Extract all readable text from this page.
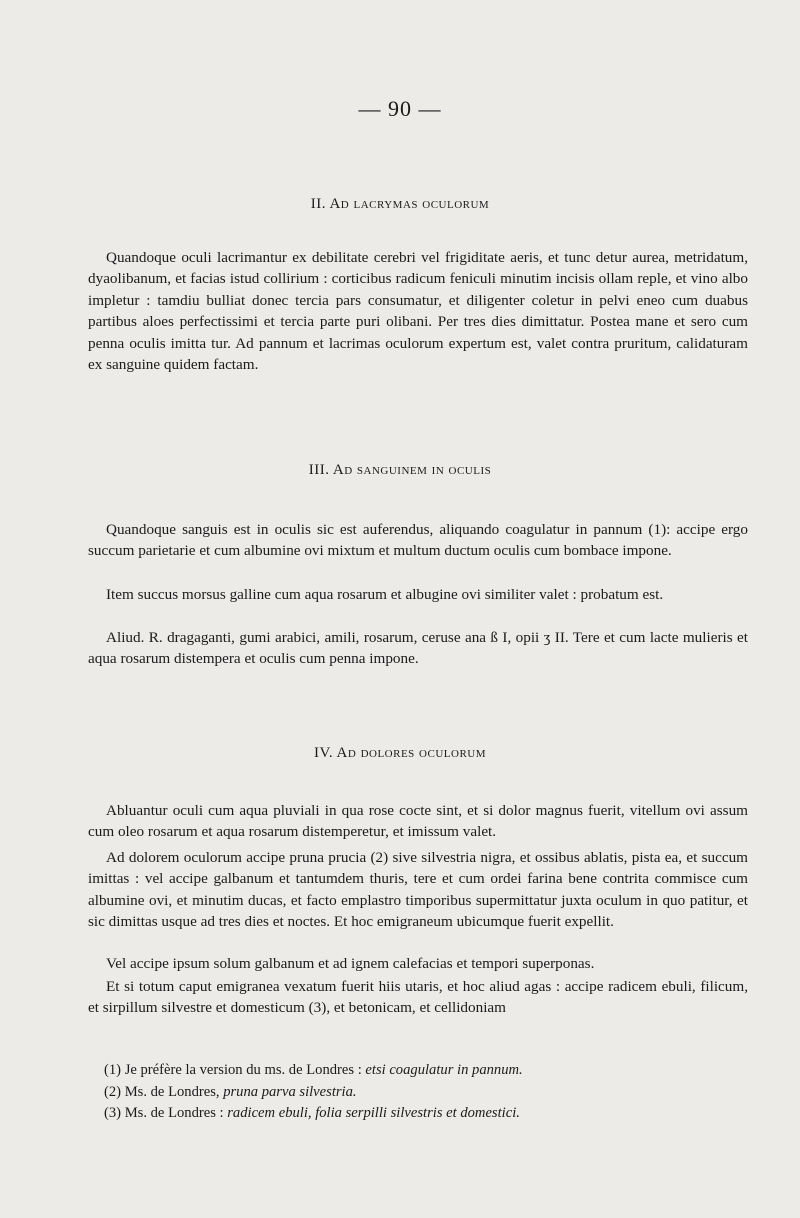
— 90 —
II. Ad lacrymas oculorum

Quandoque oculi lacrimantur ex debilitate cerebri vel frigiditate aeris, et tunc detur aurea, metridatum, dyaolibanum, et facias istud collirium : corticibus radicum feniculi minutim incisis ollam reple, et vino albo impletur : tamdiu bulliat donec tercia pars consumatur, et diligenter coletur in pelvi eneo cum duabus partibus aloes perfectissimi et tercia parte puri olibani. Per tres dies dimittatur. Postea mane et sero cum penna oculis imitta tur. Ad pannum et lacrimas oculorum expertum est, valet contra pruritum, calidaturam ex sanguine quidem factam.

III. Ad sanguinem in oculis

Quandoque sanguis est in oculis sic est auferendus, aliquando coagulatur in pannum (1): accipe ergo succum parietarie et cum albumine ovi mixtum et multum ductum oculis cum bombace impone.

Item succus morsus galline cum aqua rosarum et albugine ovi similiter valet : probatum est.

Aliud. R. dragaganti, gumi arabici, amili, rosarum, ceruse ana ß I, opii ʒ II. Tere et cum lacte mulieris et aqua rosarum distempera et oculis cum penna impone.

IV. Ad dolores oculorum

Abluantur oculi cum aqua pluviali in qua rose cocte sint, et si dolor magnus fuerit, vitellum ovi assum cum oleo rosarum et aqua rosarum distemperetur, et imissum valet.

Ad dolorem oculorum accipe pruna prucia (2) sive silvestria nigra, et ossibus ablatis, pista ea, et succum imittas : vel accipe galbanum et tantumdem thuris, tere et cum ordei farina bene contrita commisce cum albumine ovi, et minutim ducas, et facto emplastro timporibus supermittatur juxta oculum in quo patitur, et sic dimittas usque ad tres dies et noctes. Et hoc emigraneum ubicumque fuerit expellit.

Vel accipe ipsum solum galbanum et ad ignem calefacias et tempori superponas.

Et si totum caput emigranea vexatum fuerit hiis utaris, et hoc aliud agas : accipe radicem ebuli, filicum, et sirpillum silvestre et domesticum (3), et betonicam, et cellidoniam

(1) Je préfère la version du ms. de Londres : etsi coagulatur in pannum.

(2) Ms. de Londres, pruna parva silvestria.

(3) Ms. de Londres : radicem ebuli, folia serpilli silvestris et domestici.
